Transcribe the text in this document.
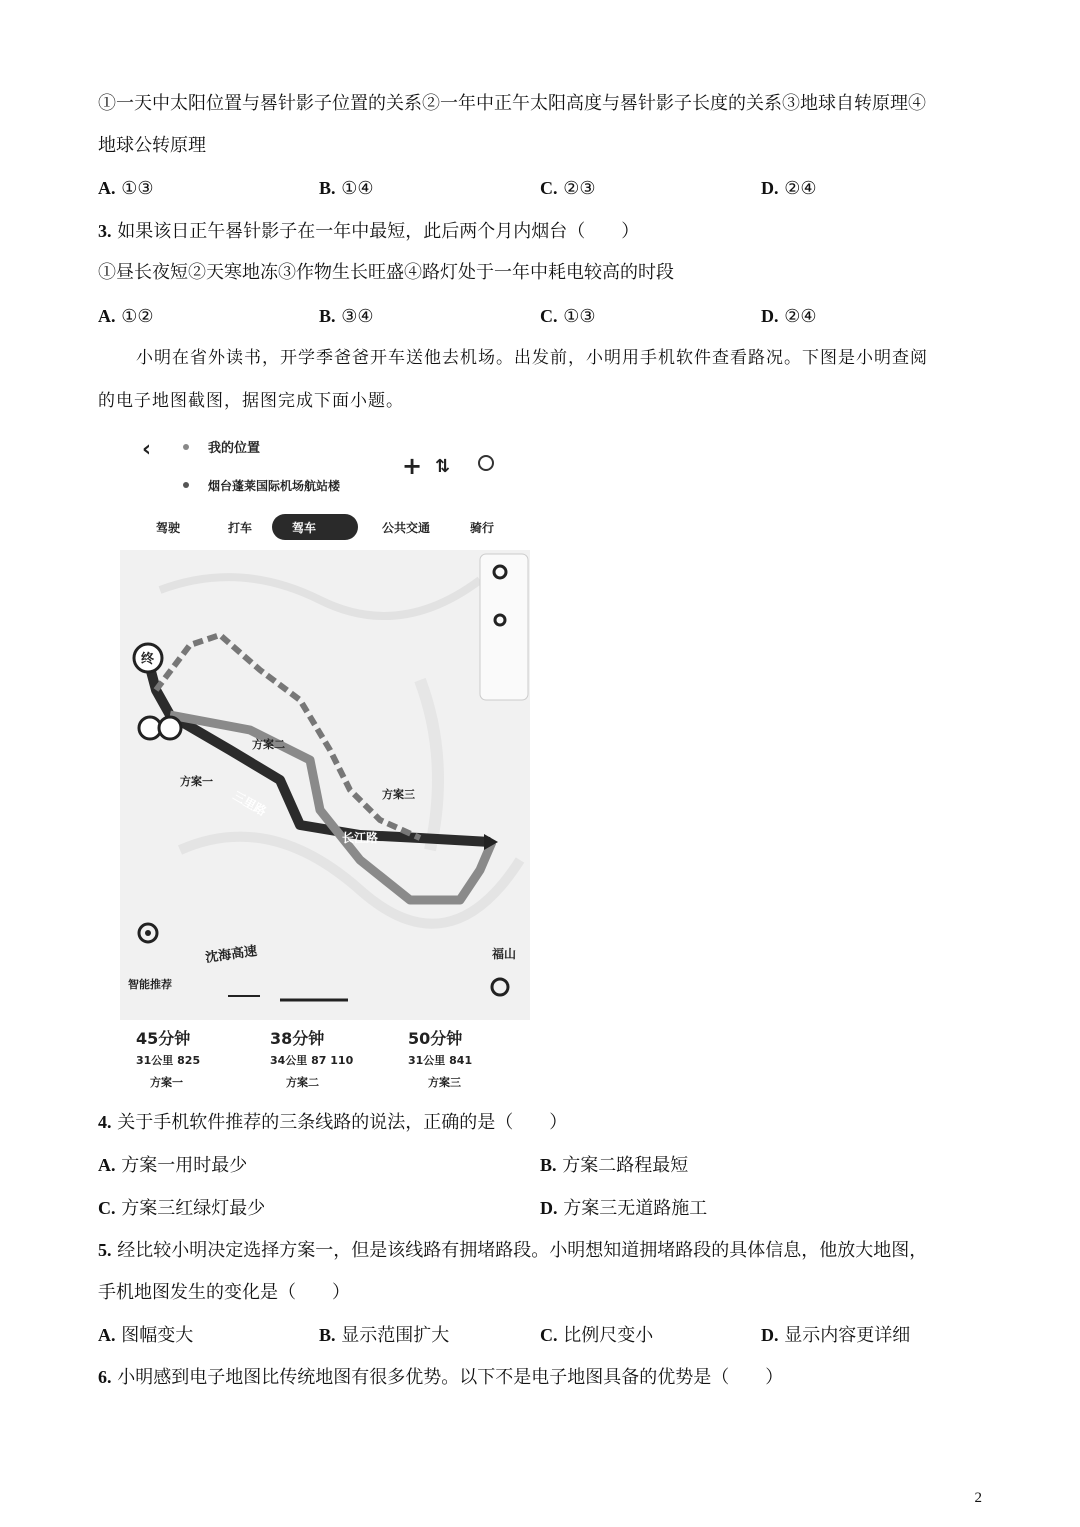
①一天中太阳位置与晷针影子位置的关系②一年中正午太阳高度与晷针影子长度的关系③地球自转原理④
地球公转原理
A. ①③	B. ①④	C. ②③	D. ②④
3. 如果该日正午晷针影子在一年中最短，此后两个月内烟台（　　）
①昼长夜短②天寒地冻③作物生长旺盛④路灯处于一年中耗电较高的时段
A. ①②	B. ③④	C. ①③	D. ②④
小明在省外读书，开学季爸爸开车送他去机场。出发前，小明用手机软件查看路况。下图是小明查阅
的电子地图截图，据图完成下面小题。
‹	我的位置
烟台蓬莱国际机场航站楼
+ ⇅
驾驶	打车	驾车	公共交通	骑行
终
方案二
方案一
方案三
三里路
长江路
沈海高速	福山
智能推荐
45分钟
31公里 825
方案一
38分钟
34公里 87 110
方案二
50分钟
31公里 841
方案三
4. 关于手机软件推荐的三条线路的说法，正确的是（　　）
A. 方案一用时最少	B. 方案二路程最短
C. 方案三红绿灯最少	D. 方案三无道路施工
5. 经比较小明决定选择方案一，但是该线路有拥堵路段。小明想知道拥堵路段的具体信息，他放大地图，
手机地图发生的变化是（　　）
A. 图幅变大	B. 显示范围扩大	C. 比例尺变小	D. 显示内容更详细
6. 小明感到电子地图比传统地图有很多优势。以下不是电子地图具备的优势是（　　）
2
